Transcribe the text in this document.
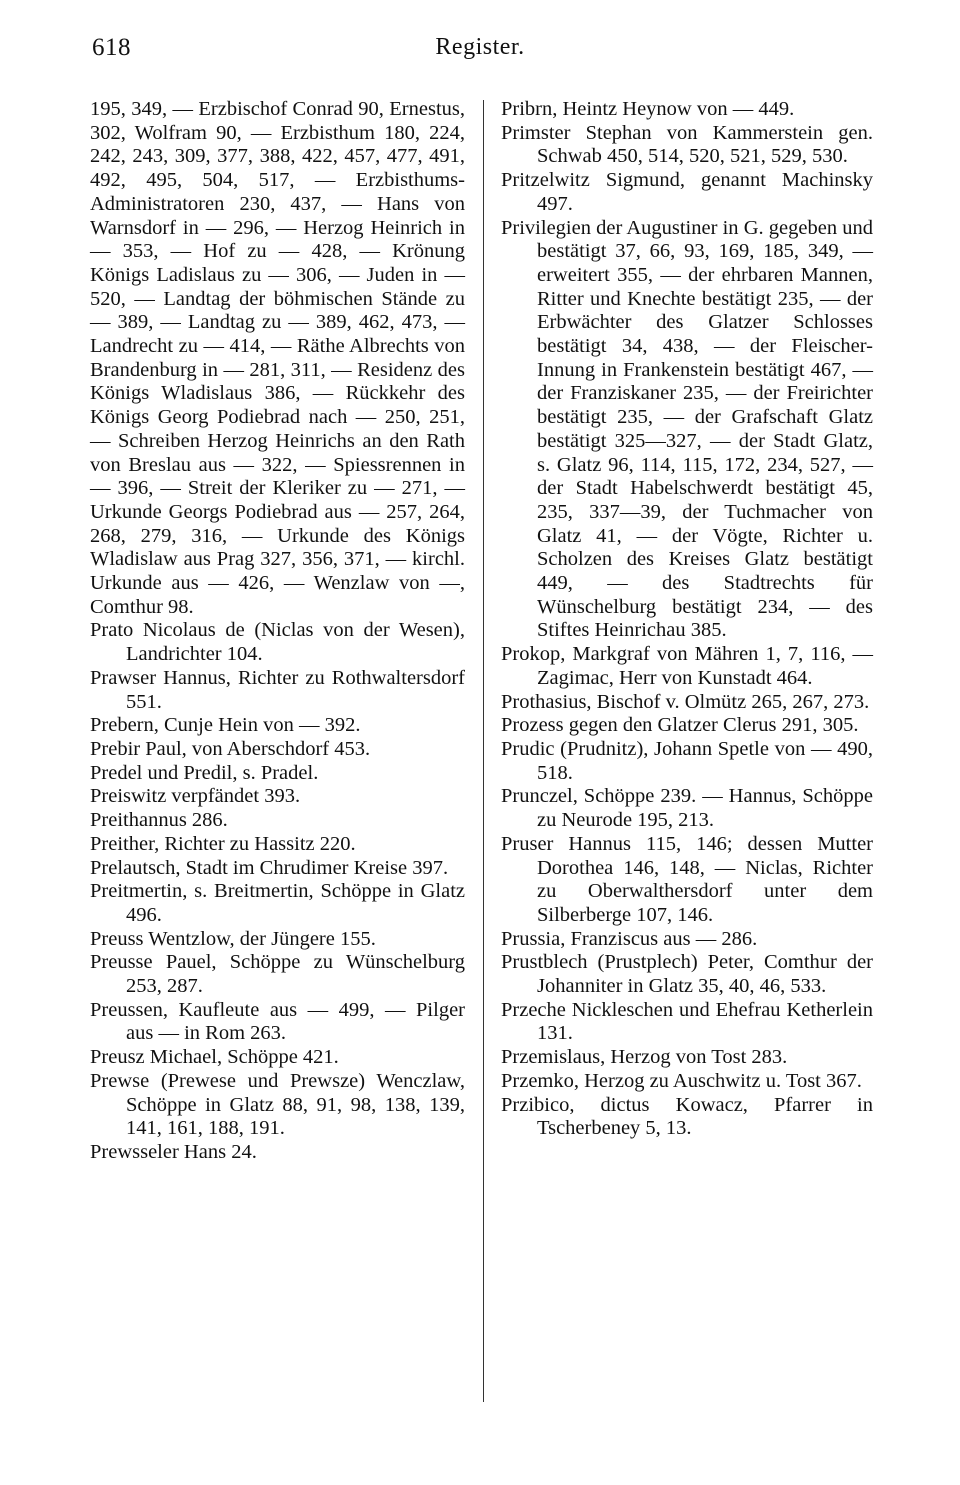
618	Register.

195, 349, — Erzbischof Conrad 90, Ernestus, 302, Wolfram 90, — Erzbisthum 180, 224, 242, 243, 309, 377, 388, 422, 457, 477, 491, 492, 495, 504, 517, — Erzbisthums-Administratoren 230, 437, — Hans von Warnsdorf in — 296, — Herzog Heinrich in — 353, — Hof zu — 428, — Krönung Königs Ladislaus zu — 306, — Juden in — 520, — Landtag der böhmischen Stände zu — 389, — Landtag zu — 389, 462, 473, — Landrecht zu — 414, — Räthe Albrechts von Brandenburg in — 281, 311, — Residenz des Königs Wladislaus 386, — Rückkehr des Königs Georg Podiebrad nach — 250, 251, — Schreiben Herzog Heinrichs an den Rath von Breslau aus — 322, — Spiessrennen in — 396, — Streit der Kleriker zu — 271, — Urkunde Georgs Podiebrad aus — 257, 264, 268, 279, 316, — Urkunde des Königs Wladislaw aus Prag 327, 356, 371, — kirchl. Urkunde aus — 426, — Wenzlaw von —, Comthur 98.

Prato Nicolaus de (Niclas von der Wesen), Landrichter 104.

Prawser Hannus, Richter zu Rothwaltersdorf 551.

Prebern, Cunje Hein von — 392.

Prebir Paul, von Aberschdorf 453.

Predel und Predil, s. Pradel.

Preiswitz verpfändet 393.

Preithannus 286.

Preither, Richter zu Hassitz 220.

Prelautsch, Stadt im Chrudimer Kreise 397.

Preitmertin, s. Breitmertin, Schöppe in Glatz 496.

Preuss Wentzlow, der Jüngere 155.

Preusse Pauel, Schöppe zu Wünschelburg 253, 287.

Preussen, Kaufleute aus — 499, — Pilger aus — in Rom 263.

Preusz Michael, Schöppe 421.

Prewse (Prewese und Prewsze) Wenczlaw, Schöppe in Glatz 88, 91, 98, 138, 139, 141, 161, 188, 191.

Prewsseler Hans 24.

Pribrn, Heintz Heynow von — 449.

Primster Stephan von Kammerstein gen. Schwab 450, 514, 520, 521, 529, 530.

Pritzelwitz Sigmund, genannt Machinsky 497.

Privilegien der Augustiner in G. gegeben und bestätigt 37, 66, 93, 169, 185, 349, — erweitert 355, — der ehrbaren Mannen, Ritter und Knechte bestätigt 235, — der Erbwächter des Glatzer Schlosses bestätigt 34, 438, — der Fleischer-Innung in Frankenstein bestätigt 467, — der Franziskaner 235, — der Freirichter bestätigt 235, — der Grafschaft Glatz bestätigt 325—327, — der Stadt Glatz, s. Glatz 96, 114, 115, 172, 234, 527, — der Stadt Habelschwerdt bestätigt 45, 235, 337—39, der Tuchmacher von Glatz 41, — der Vögte, Richter u. Scholzen des Kreises Glatz bestätigt 449, — des Stadtrechts für Wünschelburg bestätigt 234, — des Stiftes Heinrichau 385.

Prokop, Markgraf von Mähren 1, 7, 116, — Zagimac, Herr von Kunstadt 464.

Prothasius, Bischof v. Olmütz 265, 267, 273.

Prozess gegen den Glatzer Clerus 291, 305.

Prudic (Prudnitz), Johann Spetle von — 490, 518.

Prunczel, Schöppe 239. — Hannus, Schöppe zu Neurode 195, 213.

Pruser Hannus 115, 146; dessen Mutter Dorothea 146, 148, — Niclas, Richter zu Oberwalthersdorf unter dem Silberberge 107, 146.

Prussia, Franziscus aus — 286.

Prustblech (Prustplech) Peter, Comthur der Johanniter in Glatz 35, 40, 46, 533.

Przeche Nickleschen und Ehefrau Ketherlein 131.

Przemislaus, Herzog von Tost 283.

Przemko, Herzog zu Auschwitz u. Tost 367.

Przibico, dictus Kowacz, Pfarrer in Tscherbeney 5, 13.
